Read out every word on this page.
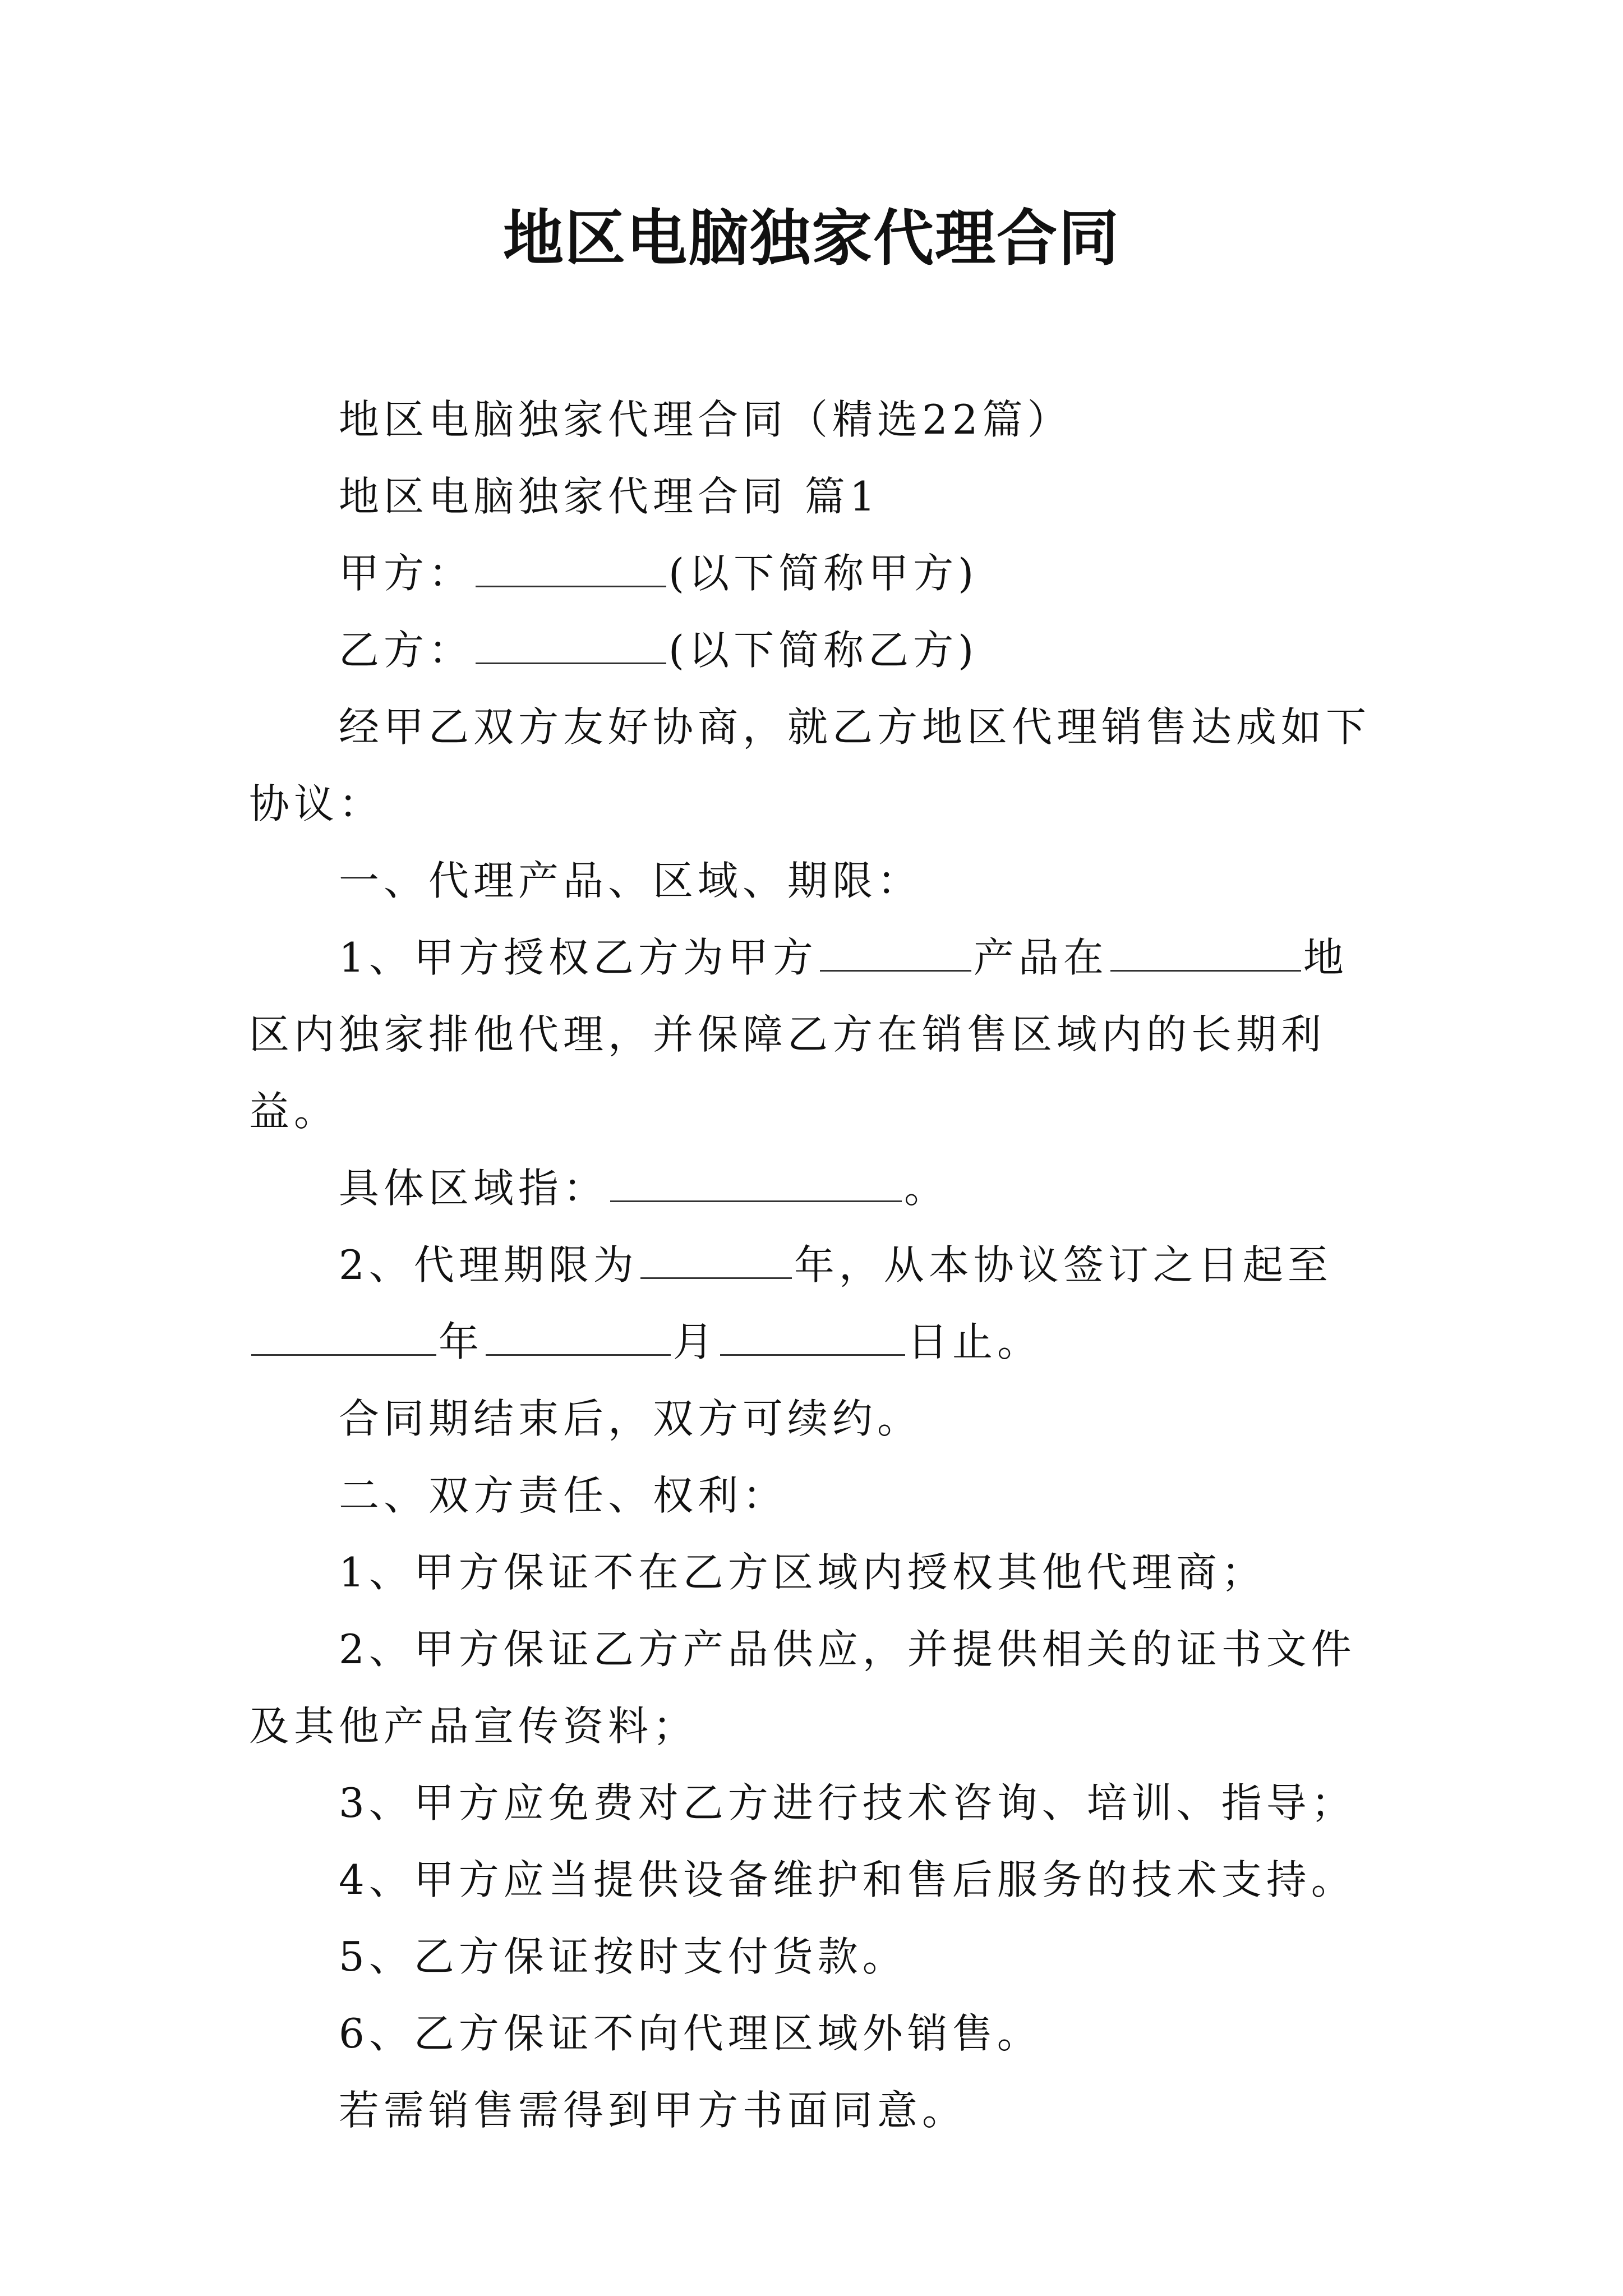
地区电脑独家代理合同

地区电脑独家代理合同（精选22篇）

地区电脑独家代理合同 篇1

甲方：	(以下简称甲方)

乙方：	(以下简称乙方)

经甲乙双方友好协商，就乙方地区代理销售达成如下协议：

一、代理产品、区域、期限：

1、甲方授权乙方为甲方	产品在	地区内独家排他代理，并保障乙方在销售区域内的长期利益。

具体区域指：	。

2、代理期限为	年，从本协议签订之日起至年	月	日止。

合同期结束后，双方可续约。

二、双方责任、权利：

1、甲方保证不在乙方区域内授权其他代理商；

2、甲方保证乙方产品供应，并提供相关的证书文件及其他产品宣传资料；

3、甲方应免费对乙方进行技术咨询、培训、指导；

4、甲方应当提供设备维护和售后服务的技术支持。

5、乙方保证按时支付货款。

6、乙方保证不向代理区域外销售。

若需销售需得到甲方书面同意。
